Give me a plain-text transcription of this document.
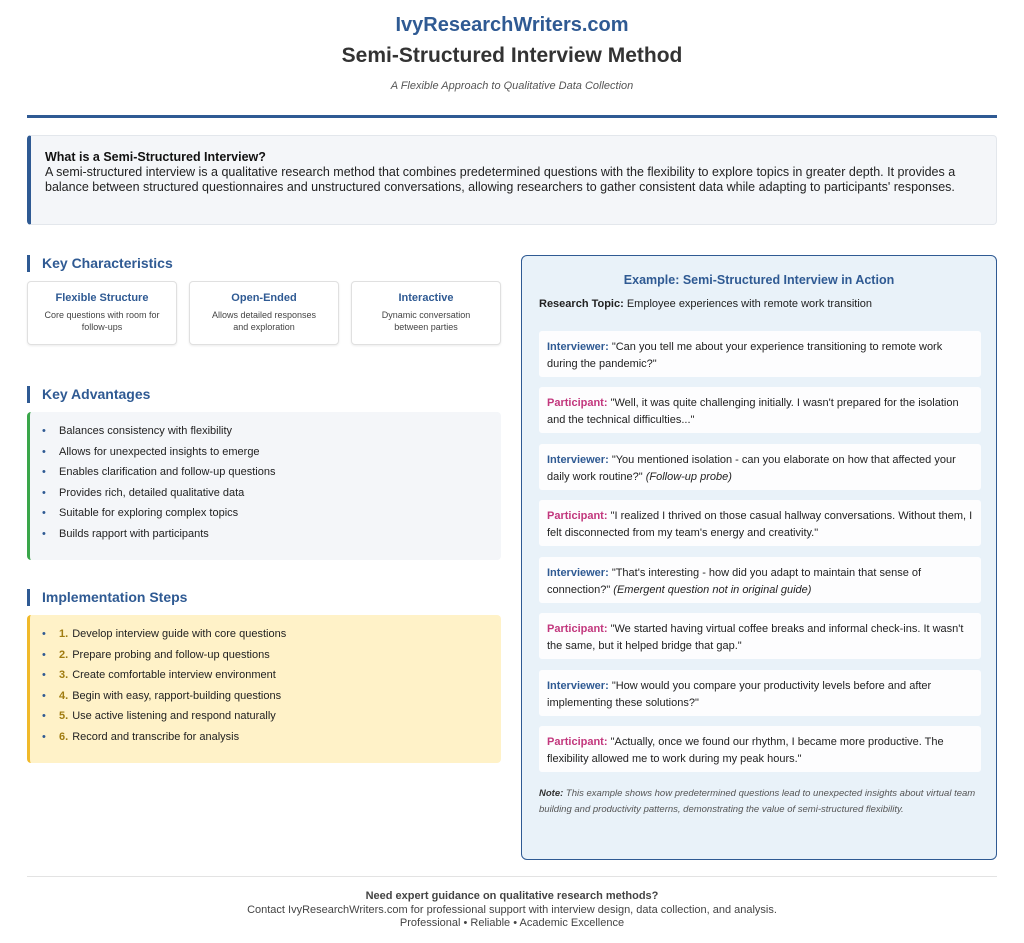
IvyResearchWriters.com
Semi-Structured Interview Method
A Flexible Approach to Qualitative Data Collection
What is a Semi-Structured Interview?
A semi-structured interview is a qualitative research method that combines predetermined questions with the flexibility to explore topics in greater depth. It provides a balance between structured questionnaires and unstructured conversations, allowing researchers to gather consistent data while adapting to participants' responses.
Key Characteristics
Flexible Structure
Core questions with room for follow-ups
Open-Ended
Allows detailed responses and exploration
Interactive
Dynamic conversation between parties
Key Advantages
• Balances consistency with flexibility
• Allows for unexpected insights to emerge
• Enables clarification and follow-up questions
• Provides rich, detailed qualitative data
• Suitable for exploring complex topics
• Builds rapport with participants
Implementation Steps
• 1. Develop interview guide with core questions
• 2. Prepare probing and follow-up questions
• 3. Create comfortable interview environment
• 4. Begin with easy, rapport-building questions
• 5. Use active listening and respond naturally
• 6. Record and transcribe for analysis
Example: Semi-Structured Interview in Action
Research Topic: Employee experiences with remote work transition
Interviewer: "Can you tell me about your experience transitioning to remote work during the pandemic?"
Participant: "Well, it was quite challenging initially. I wasn't prepared for the isolation and the technical difficulties..."
Interviewer: "You mentioned isolation - can you elaborate on how that affected your daily work routine?" (Follow-up probe)
Participant: "I realized I thrived on those casual hallway conversations. Without them, I felt disconnected from my team's energy and creativity."
Interviewer: "That's interesting - how did you adapt to maintain that sense of connection?" (Emergent question not in original guide)
Participant: "We started having virtual coffee breaks and informal check-ins. It wasn't the same, but it helped bridge that gap."
Interviewer: "How would you compare your productivity levels before and after implementing these solutions?"
Participant: "Actually, once we found our rhythm, I became more productive. The flexibility allowed me to work during my peak hours."
Note: This example shows how predetermined questions lead to unexpected insights about virtual team building and productivity patterns, demonstrating the value of semi-structured flexibility.
Need expert guidance on qualitative research methods?
Contact IvyResearchWriters.com for professional support with interview design, data collection, and analysis.
Professional • Reliable • Academic Excellence
